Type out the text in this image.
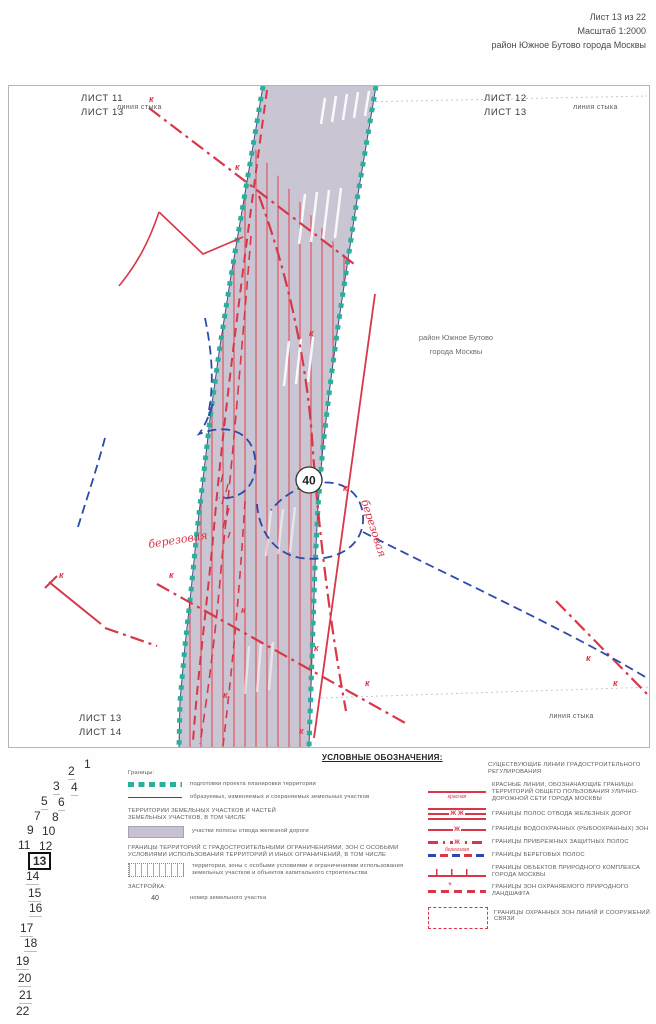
Лист 13 из 22
Масштаб 1:2000
район Южное Бутово города Москвы
40
березовая	березовая
район Южное Бутово
города Москвы
к
к
к
к
к
к
к
к
к
к
к
к
к
ЛИСТ 11
ЛИСТ 13
линия стыка
ЛИСТ 12
ЛИСТ 13	линия стыка
ЛИСТ 13
ЛИСТ 14
линия стыка
1
2
3 4
5 6
7 8
9 10
11 12
13
14
15
16
17
18
19
20
21
22
УСЛОВНЫЕ ОБОЗНАЧЕНИЯ:
Границы:
подготовки проекта планировки территории
образуемых, изменяемых и сохраняемых земельных участков
ТЕРРИТОРИИ ЗЕМЕЛЬНЫХ УЧАСТКОВ И ЧАСТЕЙ ЗЕМЕЛЬНЫХ УЧАСТКОВ, В ТОМ ЧИСЛЕ
участки полосы отвода железной дороги
ГРАНИЦЫ ТЕРРИТОРИЙ С ГРАДОСТРОИТЕЛЬНЫМИ ОГРАНИЧЕНИЯМИ, ЗОН С ОСОБЫМИ УСЛОВИЯМИ ИСПОЛЬЗОВАНИЯ ТЕРРИТОРИЙ И ИНЫХ ОГРАНИЧЕНИЙ, В ТОМ ЧИСЛЕ
территории, зоны с особыми условиями и ограничениями использования земельных участков и объектов капитального строительства
ЗАСТРОЙКА:
40	номер земельного участка
СУЩЕСТВУЮЩИЕ ЛИНИИ ГРАДОСТРОИТЕЛЬНОГО РЕГУЛИРОВАНИЯ
красная
КРАСНЫЕ ЛИНИИ, ОБОЗНАЧАЮЩИЕ ГРАНИЦЫ ТЕРРИТОРИЙ ОБЩЕГО ПОЛЬЗОВАНИЯ УЛИЧНО-ДОРОЖНОЙ СЕТИ ГОРОДА МОСКВЫ
Ж Ж	ГРАНИЦЫ ПОЛОС ОТВОДА ЖЕЛЕЗНЫХ ДОРОГ
Ж	ГРАНИЦЫ ВОДООХРАННЫХ (РЫБООХРАННЫХ) ЗОН
Ж	ГРАНИЦЫ ПРИБРЕЖНЫХ ЗАЩИТНЫХ ПОЛОС
береговая
ГРАНИЦЫ БЕРЕГОВЫХ ПОЛОС
ГРАНИЦЫ ОБЪЕКТОВ ПРИРОДНОГО КОМПЛЕКСА ГОРОДА МОСКВЫ
+	ГРАНИЦЫ ЗОН ОХРАНЯЕМОГО ПРИРОДНОГО ЛАНДШАФТА
ГРАНИЦЫ ОХРАННЫХ ЗОН ЛИНИЙ И СООРУЖЕНИЙ СВЯЗИ
